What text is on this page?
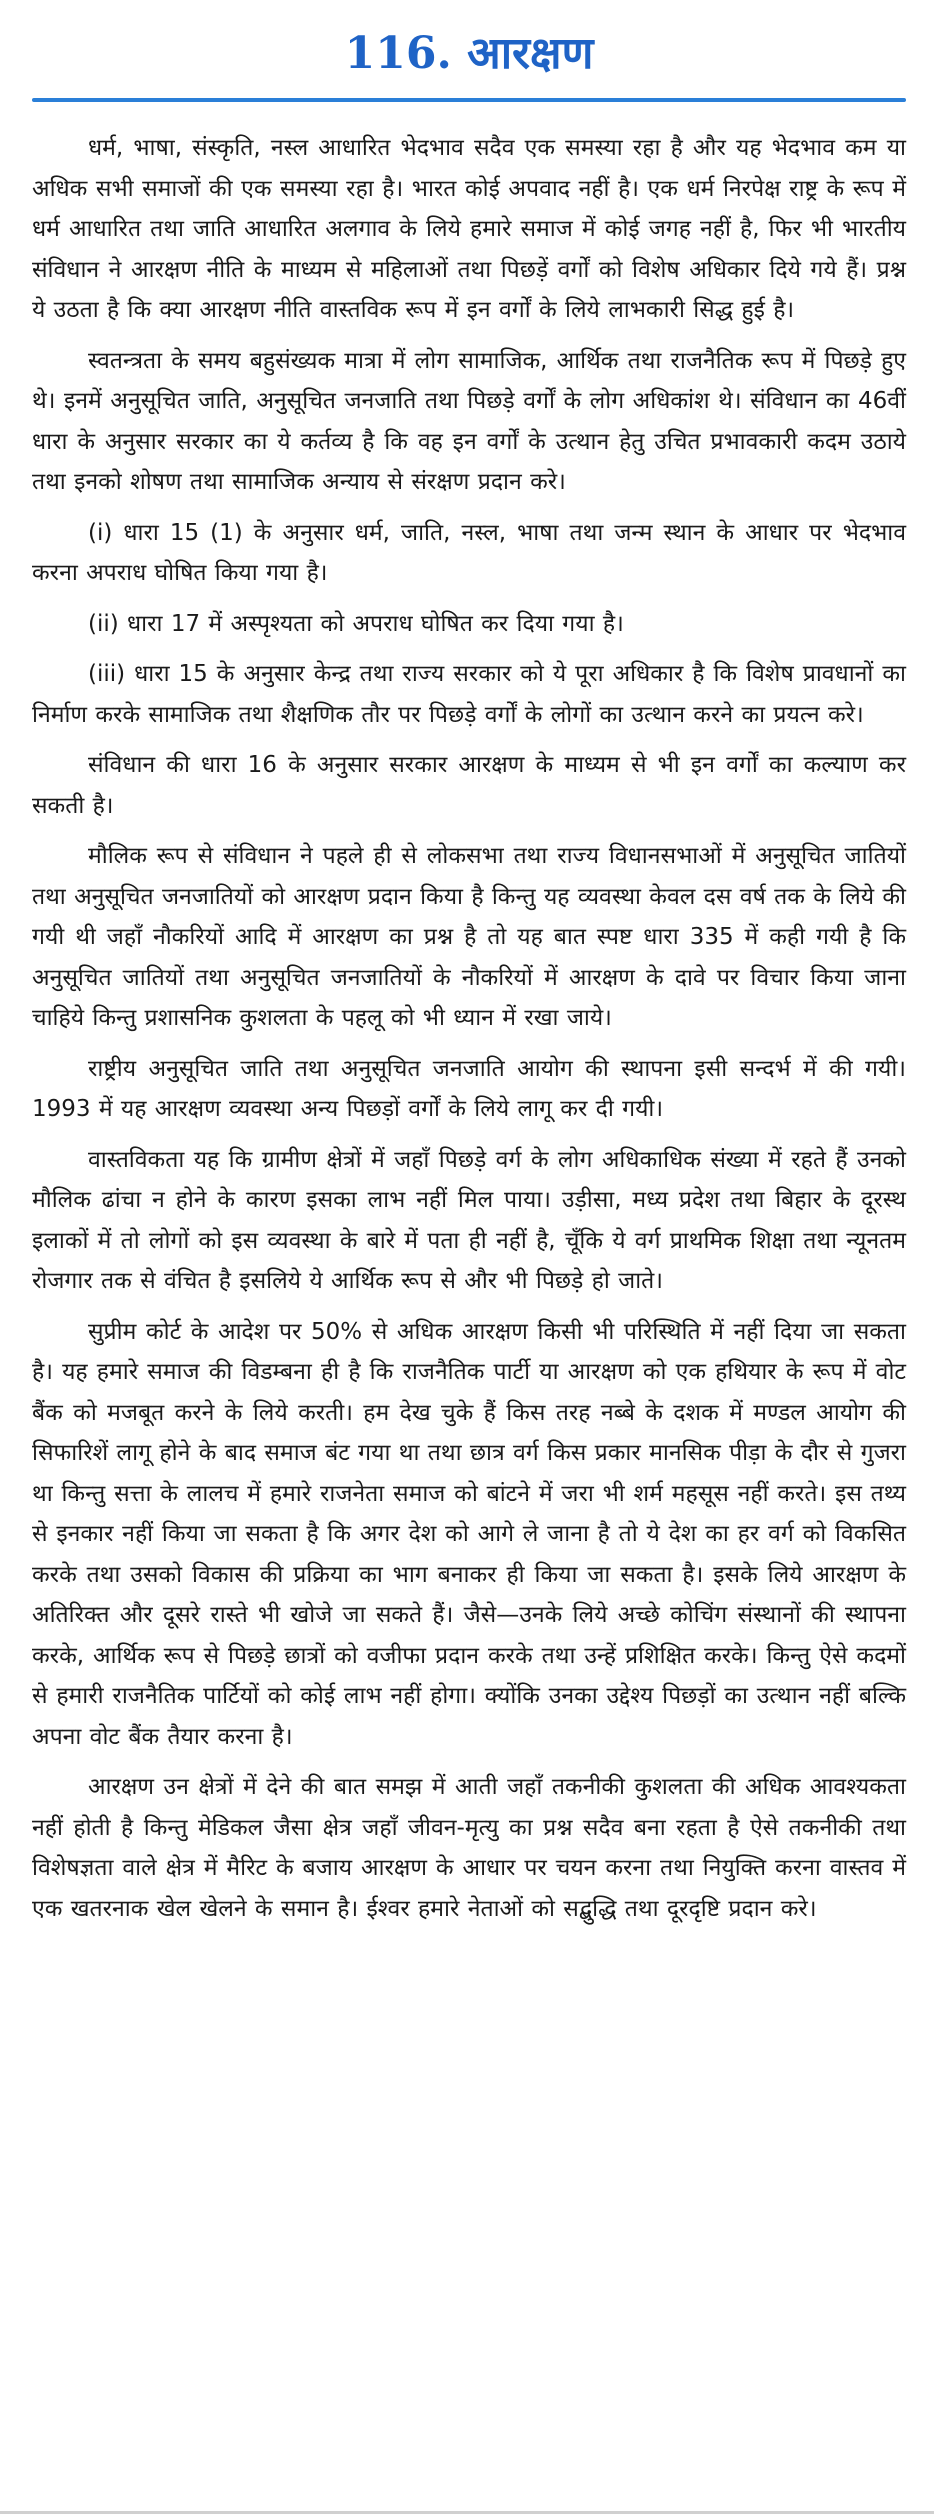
116. आरक्षण

धर्म, भाषा, संस्कृति, नस्ल आधारित भेदभाव सदैव एक समस्या रहा है और यह भेदभाव कम या अधिक सभी समाजों की एक समस्या रहा है। भारत कोई अपवाद नहीं है। एक धर्म निरपेक्ष राष्ट्र के रूप में धर्म आधारित तथा जाति आधारित अलगाव के लिये हमारे समाज में कोई जगह नहीं है, फिर भी भारतीय संविधान ने आरक्षण नीति के माध्यम से महिलाओं तथा पिछड़ें वर्गों को विशेष अधिकार दिये गये हैं। प्रश्न ये उठता है कि क्या आरक्षण नीति वास्तविक रूप में इन वर्गों के लिये लाभकारी सिद्ध हुई है।

स्वतन्त्रता के समय बहुसंख्यक मात्रा में लोग सामाजिक, आर्थिक तथा राजनैतिक रूप में पिछड़े हुए थे। इनमें अनुसूचित जाति, अनुसूचित जनजाति तथा पिछड़े वर्गों के लोग अधिकांश थे। संविधान का 46वीं धारा के अनुसार सरकार का ये कर्तव्य है कि वह इन वर्गों के उत्थान हेतु उचित प्रभावकारी कदम उठाये तथा इनको शोषण तथा सामाजिक अन्याय से संरक्षण प्रदान करे।

(i) धारा 15 (1) के अनुसार धर्म, जाति, नस्ल, भाषा तथा जन्म स्थान के आधार पर भेदभाव करना अपराध घोषित किया गया है।

(ii) धारा 17 में अस्पृश्यता को अपराध घोषित कर दिया गया है।

(iii) धारा 15 के अनुसार केन्द्र तथा राज्य सरकार को ये पूरा अधिकार है कि विशेष प्रावधानों का निर्माण करके सामाजिक तथा शैक्षणिक तौर पर पिछड़े वर्गों के लोगों का उत्थान करने का प्रयत्न करे।

संविधान की धारा 16 के अनुसार सरकार आरक्षण के माध्यम से भी इन वर्गों का कल्याण कर सकती है।

मौलिक रूप से संविधान ने पहले ही से लोकसभा तथा राज्य विधानसभाओं में अनुसूचित जातियों तथा अनुसूचित जनजातियों को आरक्षण प्रदान किया है किन्तु यह व्यवस्था केवल दस वर्ष तक के लिये की गयी थी जहाँ नौकरियों आदि में आरक्षण का प्रश्न है तो यह बात स्पष्ट धारा 335 में कही गयी है कि अनुसूचित जातियों तथा अनुसूचित जनजातियों के नौकरियों में आरक्षण के दावे पर विचार किया जाना चाहिये किन्तु प्रशासनिक कुशलता के पहलू को भी ध्यान में रखा जाये।

राष्ट्रीय अनुसूचित जाति तथा अनुसूचित जनजाति आयोग की स्थापना इसी सन्दर्भ में की गयी। 1993 में यह आरक्षण व्यवस्था अन्य पिछड़ों वर्गों के लिये लागू कर दी गयी।

वास्तविकता यह कि ग्रामीण क्षेत्रों में जहाँ पिछड़े वर्ग के लोग अधिकाधिक संख्या में रहते हैं उनको मौलिक ढांचा न होने के कारण इसका लाभ नहीं मिल पाया। उड़ीसा, मध्य प्रदेश तथा बिहार के दूरस्थ इलाकों में तो लोगों को इस व्यवस्था के बारे में पता ही नहीं है, चूँकि ये वर्ग प्राथमिक शिक्षा तथा न्यूनतम रोजगार तक से वंचित है इसलिये ये आर्थिक रूप से और भी पिछड़े हो जाते।

सुप्रीम कोर्ट के आदेश पर 50% से अधिक आरक्षण किसी भी परिस्थिति में नहीं दिया जा सकता है। यह हमारे समाज की विडम्बना ही है कि राजनैतिक पार्टी या आरक्षण को एक हथियार के रूप में वोट बैंक को मजबूत करने के लिये करती। हम देख चुके हैं किस तरह नब्बे के दशक में मण्डल आयोग की सिफारिशें लागू होने के बाद समाज बंट गया था तथा छात्र वर्ग किस प्रकार मानसिक पीड़ा के दौर से गुजरा था किन्तु सत्ता के लालच में हमारे राजनेता समाज को बांटने में जरा भी शर्म महसूस नहीं करते। इस तथ्य से इनकार नहीं किया जा सकता है कि अगर देश को आगे ले जाना है तो ये देश का हर वर्ग को विकसित करके तथा उसको विकास की प्रक्रिया का भाग बनाकर ही किया जा सकता है। इसके लिये आरक्षण के अतिरिक्त और दूसरे रास्ते भी खोजे जा सकते हैं। जैसे—उनके लिये अच्छे कोचिंग संस्थानों की स्थापना करके, आर्थिक रूप से पिछड़े छात्रों को वजीफा प्रदान करके तथा उन्हें प्रशिक्षित करके। किन्तु ऐसे कदमों से हमारी राजनैतिक पार्टियों को कोई लाभ नहीं होगा। क्योंकि उनका उद्देश्य पिछड़ों का उत्थान नहीं बल्कि अपना वोट बैंक तैयार करना है।

आरक्षण उन क्षेत्रों में देने की बात समझ में आती जहाँ तकनीकी कुशलता की अधिक आवश्यकता नहीं होती है किन्तु मेडिकल जैसा क्षेत्र जहाँ जीवन-मृत्यु का प्रश्न सदैव बना रहता है ऐसे तकनीकी तथा विशेषज्ञता वाले क्षेत्र में मैरिट के बजाय आरक्षण के आधार पर चयन करना तथा नियुक्ति करना वास्तव में एक खतरनाक खेल खेलने के समान है। ईश्वर हमारे नेताओं को सद्बुद्धि तथा दूरदृष्टि प्रदान करे।
